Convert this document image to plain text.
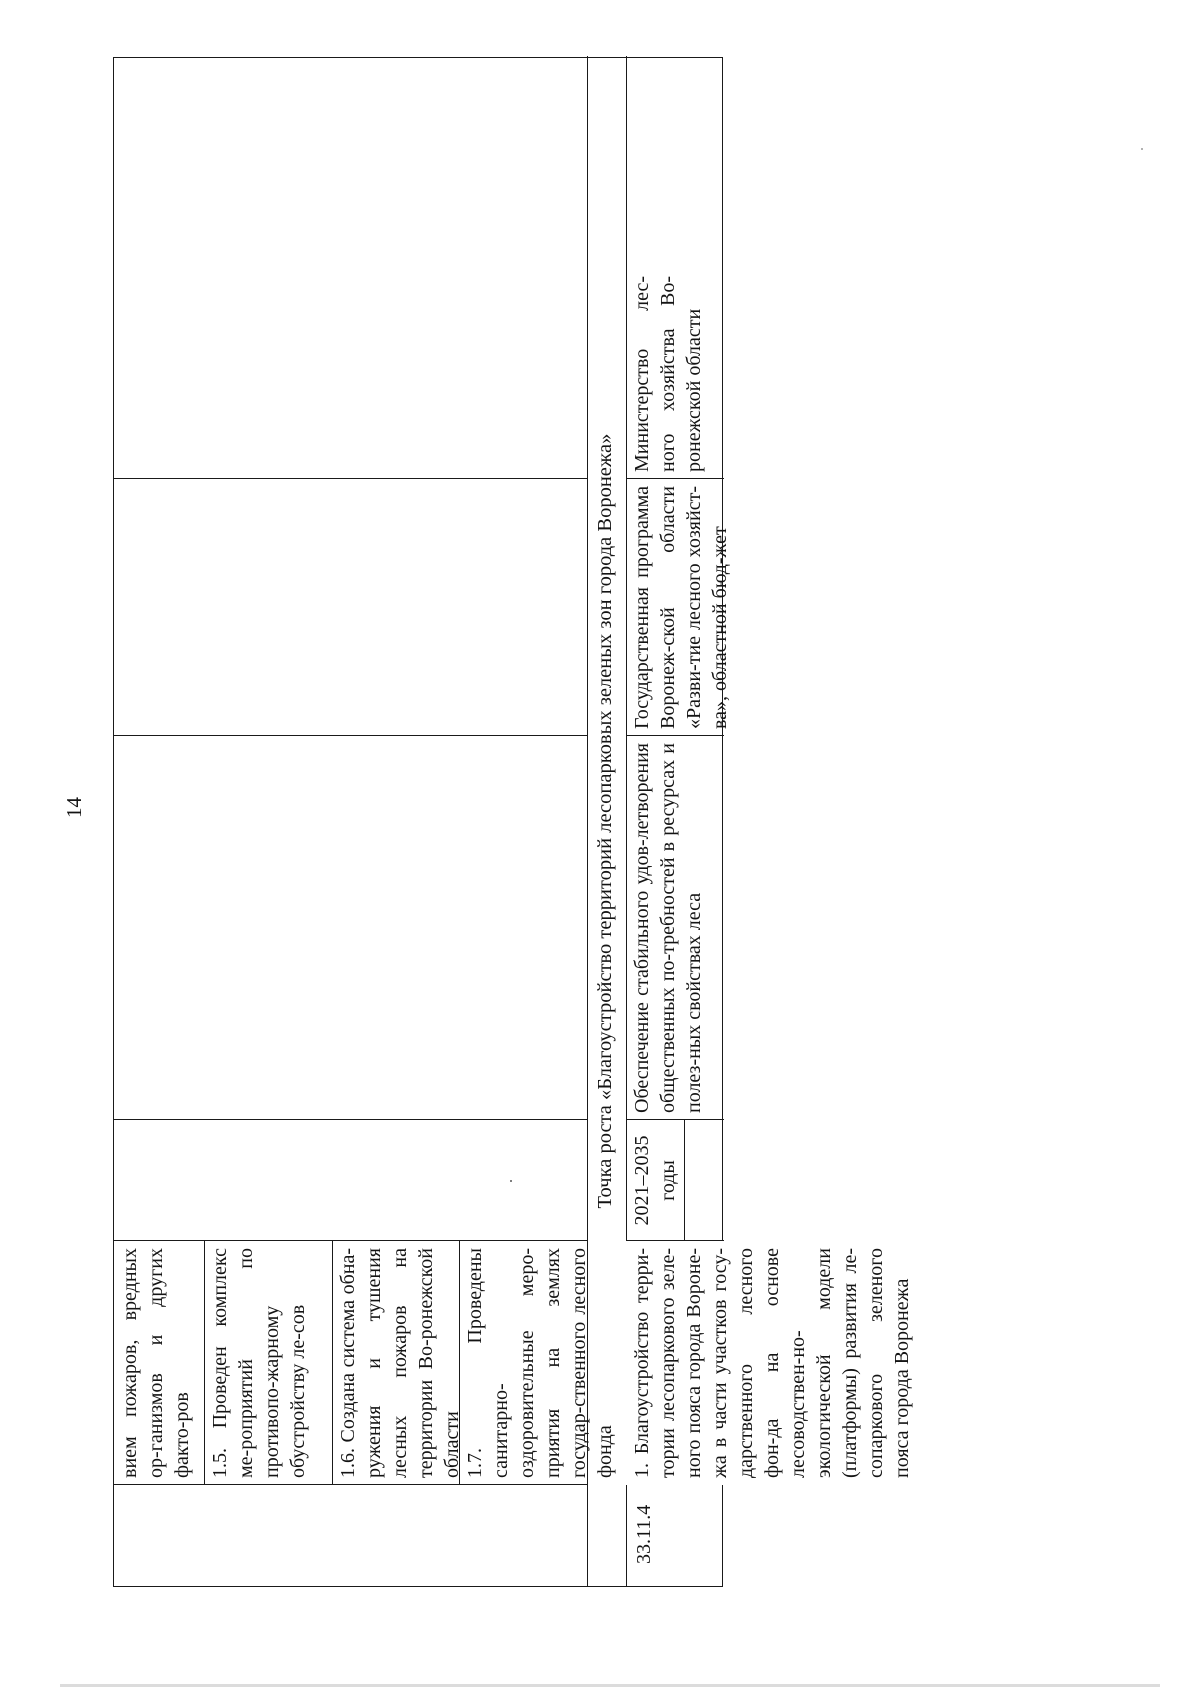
14
вием пожаров, вредных ор-ганизмов и других факто-ров 1.5. Проведен комплекс ме-роприятий по противопо-жарному обустройству ле-сов	1.6. Создана система обна-ружения и тушения лесных пожаров на территории Во-ронежской области 1.7. Проведены санитарно-оздоровительные меро-приятия на землях государ-ственного лесного фонда
Точка роста «Благоустройство территорий лесопарковых зеленых зон города Воронежа»
33.11.4
1. Благоустройство терри-тории лесопаркового зеле-ного пояса города Вороне-жа в части участков госу-дарственного лесного фон-да на основе лесоводствен-но-экологической модели (платформы) развития ле-сопаркового зеленого пояса города Воронежа
2021–2035 годы
Обеспечение стабильного удов-летворения общественных по-требностей в ресурсах и полез-ных свойствах леса
Государственная программа Воронеж-ской области «Разви-тие лесного хозяйст-ва», областной бюд-жет
Министерство лес-ного хозяйства Во-ронежской области
